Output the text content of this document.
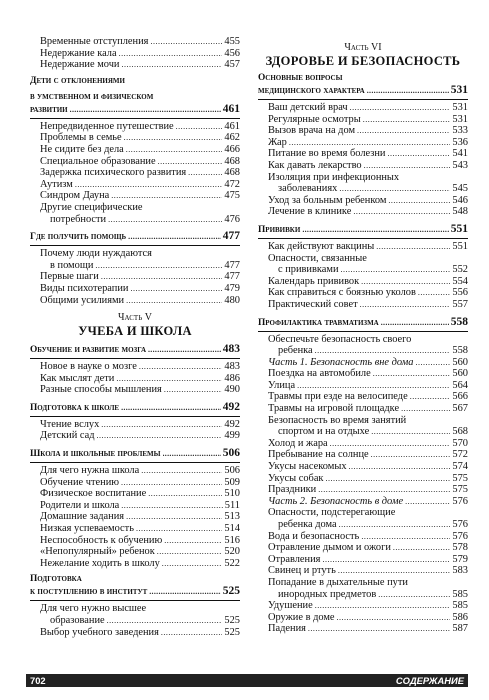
Временные отступления .....	455
Недержание кала .....	456
Недержание мочи .....	457
Дети с отклонениями
в умственном и физическом
развитии .....	461
Непредвиденное путешествие .....	461
Проблемы в семье .....	462
Не сидите без дела .....	466
Специальное образование .....	468
Задержка психического развития .....	468
Аутизм .....	472
Синдром Дауна .....	475
Другие специфические
потребности .....	476
Где получить помощь .....	477
Почему люди нуждаются
в помощи .....	477
Первые шаги .....	477
Виды психотерапии .....	479
Общими усилиями .....	480
Часть V
УЧЕБА И ШКОЛА
Обучение и развитие мозга .....	483
Новое в науке о мозге .....	483
Как мыслят дети .....	486
Разные способы мышления .....	490
Подготовка к школе .....	492
Чтение вслух .....	492
Детский сад .....	499
Школа и школьные проблемы .....	506
Для чего нужна школа .....	506
Обучение чтению .....	509
Физическое воспитание .....	510
Родители и школа .....	511
Домашние задания .....	513
Низкая успеваемость .....	514
Неспособность к обучению .....	516
«Непопулярный» ребенок .....	520
Нежелание ходить в школу .....	522
Подготовка
к поступлению в институт .....	525
Для чего нужно высшее
образование .....	525
Выбор учебного заведения .....	525
Часть VI
ЗДОРОВЬЕ И БЕЗОПАСНОСТЬ
Основные вопросы
медицинского характера .....	531
Ваш детский врач .....	531
Регулярные осмотры .....	531
Вызов врача на дом .....	533
Жар .....	536
Питание во время болезни .....	541
Как давать лекарство .....	543
Изоляция при инфекционных
заболеваниях .....	545
Уход за больным ребенком .....	546
Лечение в клинике .....	548
Прививки .....	551
Как действуют вакцины .....	551
Опасности, связанные
с прививками .....	552
Календарь прививок .....	554
Как справиться с боязнью уколов .....	556
Практический совет .....	557
Профилактика травматизма .....	558
Обеспечьте безопасность своего
ребенка .....	558
Часть 1. Безопасность вне дома .....	560
Поездка на автомобиле .....	560
Улица .....	564
Травмы при езде на велосипеде .....	566
Травмы на игровой площадке .....	567
Безопасность во время занятий
спортом и на отдыхе .....	568
Холод и жара .....	570
Пребывание на солнце .....	572
Укусы насекомых .....	574
Укусы собак .....	575
Праздники .....	575
Часть 2. Безопасность в доме .....	576
Опасности, подстерегающие
ребенка дома .....	576
Вода и безопасность .....	576
Отравление дымом и ожоги .....	578
Отравления .....	579
Свинец и ртуть .....	583
Попадание в дыхательные пути
инородных предметов .....	585
Удушение .....	585
Оружие в доме .....	586
Падения .....	587
702	СОДЕРЖАНИЕ
